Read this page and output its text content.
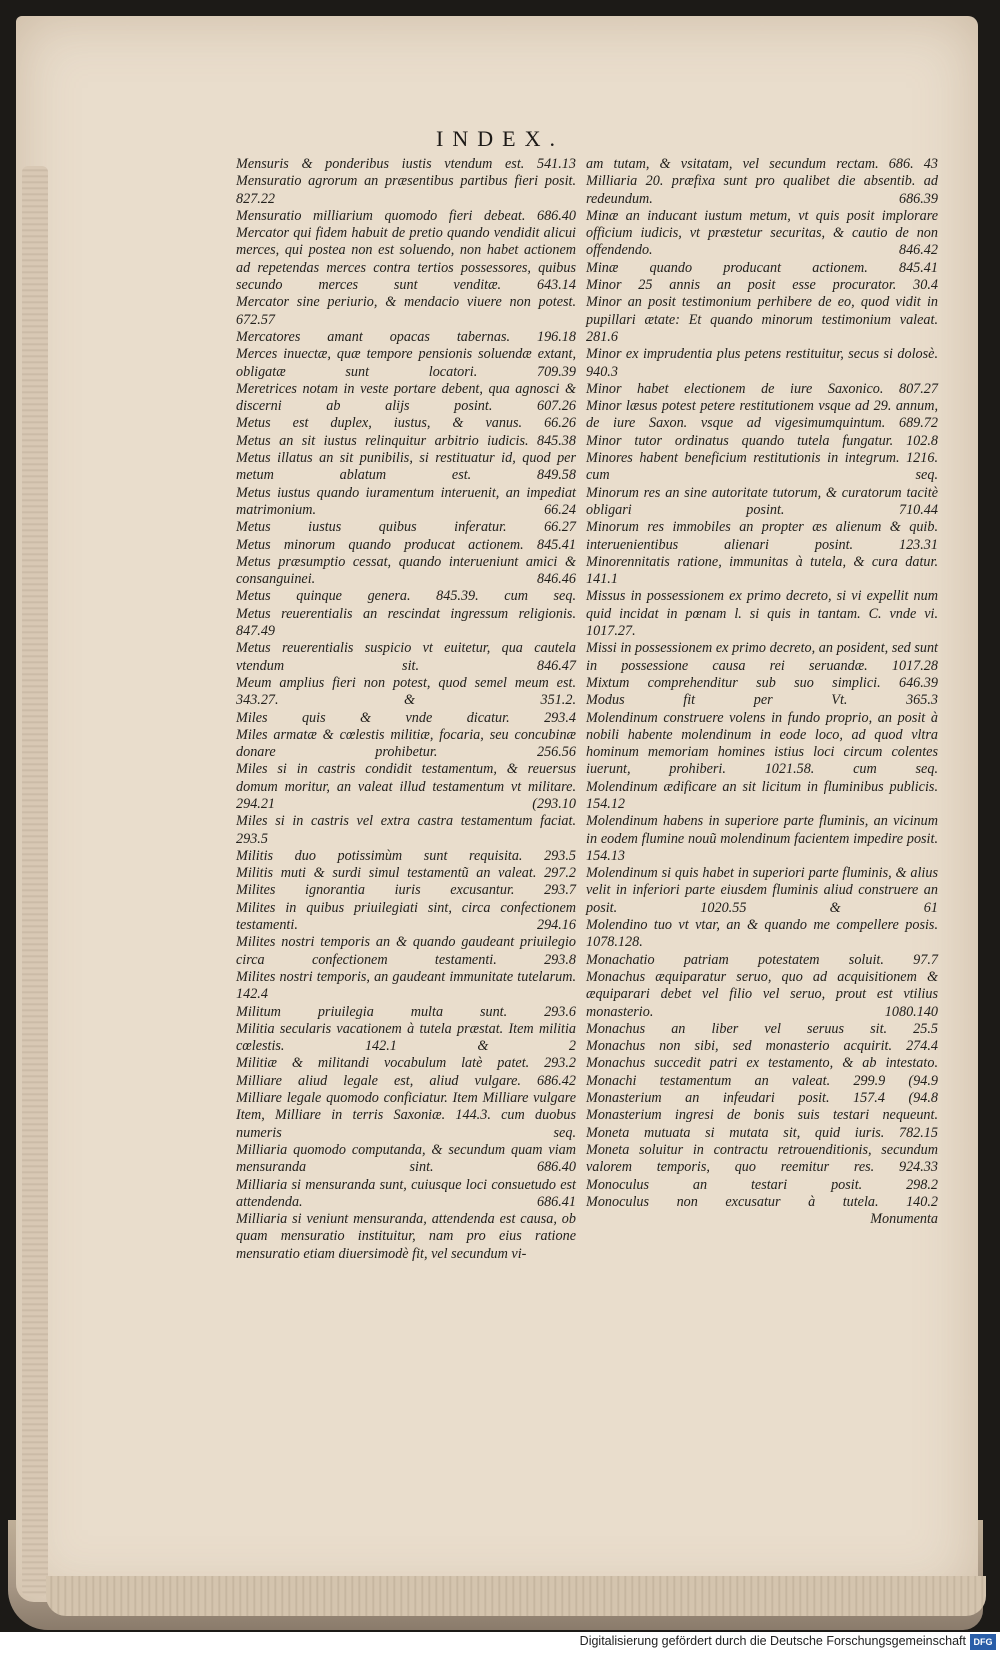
INDEX.

Mensuris & ponderibus iustis vtendum est. 541.13

Mensuratio agrorum an præsentibus partibus fieri posit. 827.22

Mensuratio milliarium quomodo fieri debeat. 686.40

Mercator qui fidem habuit de pretio quando vendidit alicui merces, qui postea non est soluendo, non habet actionem ad repetendas merces contra tertios possessores, quibus secundo merces sunt venditæ. 643.14

Mercator sine periurio, & mendacio viuere non potest. 672.57

Mercatores amant opacas tabernas. 196.18

Merces inuectæ, quæ tempore pensionis soluendæ extant, obligatæ sunt locatori. 709.39

Meretrices notam in veste portare debent, qua agnosci & discerni ab alijs posint. 607.26

Metus est duplex, iustus, & vanus. 66.26

Metus an sit iustus relinquitur arbitrio iudicis. 845.38

Metus illatus an sit punibilis, si restituatur id, quod per metum ablatum est. 849.58

Metus iustus quando iuramentum interuenit, an impediat matrimonium. 66.24

Metus iustus quibus inferatur. 66.27

Metus minorum quando producat actionem. 845.41

Metus præsumptio cessat, quando interueniunt amici & consanguinei. 846.46

Metus quinque genera. 845.39. cum seq.

Metus reuerentialis an rescindat ingressum religionis. 847.49

Metus reuerentialis suspicio vt euitetur, qua cautela vtendum sit. 846.47

Meum amplius fieri non potest, quod semel meum est. 343.27. & 351.2.

Miles quis & vnde dicatur. 293.4

Miles armatæ & cœlestis militiæ, focaria, seu concubinæ donare prohibetur. 256.56

Miles si in castris condidit testamentum, & reuersus domum moritur, an valeat illud testamentum vt militare. 294.21 (293.10

Miles si in castris vel extra castra testamentum faciat. 293.5

Militis duo potissimùm sunt requisita. 293.5

Militis muti & surdi simul testamentũ an valeat. 297.2

Milites ignorantia iuris excusantur. 293.7

Milites in quibus priuilegiati sint, circa confectionem testamenti. 294.16

Milites nostri temporis an & quando gaudeant priuilegio circa confectionem testamenti. 293.8

Milites nostri temporis, an gaudeant immunitate tutelarum. 142.4

Militum priuilegia multa sunt. 293.6

Militia secularis vacationem à tutela præstat. Item militia cœlestis. 142.1 & 2

Militiæ & militandi vocabulum latè patet. 293.2

Milliare aliud legale est, aliud vulgare. 686.42

Milliare legale quomodo conficiatur. Item Milliare vulgare Item, Milliare in terris Saxoniæ. 144.3. cum duobus numeris seq.

Milliaria quomodo computanda, & secundum quam viam mensuranda sint. 686.40

Milliaria si mensuranda sunt, cuiusque loci consuetudo est attendenda. 686.41

Milliaria si veniunt mensuranda, attendenda est causa, ob quam mensuratio instituitur, nam pro eius ratione mensuratio etiam diuersimodè fit, vel secundum vi-

am tutam, & vsitatam, vel secundum rectam. 686. 43

Milliaria 20. præfixa sunt pro qualibet die absentib. ad redeundum. 686.39

Minæ an inducant iustum metum, vt quis posit implorare officium iudicis, vt præstetur securitas, & cautio de non offendendo. 846.42

Minæ quando producant actionem. 845.41

Minor 25 annis an posit esse procurator. 30.4

Minor an posit testimonium perhibere de eo, quod vidit in pupillari ætate: Et quando minorum testimonium valeat. 281.6

Minor ex imprudentia plus petens restituitur, secus si dolosè. 940.3

Minor habet electionem de iure Saxonico. 807.27

Minor læsus potest petere restitutionem vsque ad 29. annum, de iure Saxon. vsque ad vigesimumquintum. 689.72

Minor tutor ordinatus quando tutela fungatur. 102.8

Minores habent beneficium restitutionis in integrum. 1216. cum seq.

Minorum res an sine autoritate tutorum, & curatorum tacitè obligari posint. 710.44

Minorum res immobiles an propter æs alienum & quib. interuenientibus alienari posint. 123.31

Minorennitatis ratione, immunitas à tutela, & cura datur. 141.1

Missus in possessionem ex primo decreto, si vi expellit num quid incidat in pœnam l. si quis in tantam. C. vnde vi. 1017.27.

Missi in possessionem ex primo decreto, an posident, sed sunt in possessione causa rei seruandæ. 1017.28

Mixtum comprehenditur sub suo simplici. 646.39

Modus fit per Vt. 365.3

Molendinum construere volens in fundo proprio, an posit à nobili habente molendinum in eode loco, ad quod vltra hominum memoriam homines istius loci circum colentes iuerunt, prohiberi. 1021.58. cum seq.

Molendinum ædificare an sit licitum in fluminibus publicis. 154.12

Molendinum habens in superiore parte fluminis, an vicinum in eodem flumine nouũ molendinum facientem impedire posit. 154.13

Molendinum si quis habet in superiori parte fluminis, & alius velit in inferiori parte eiusdem fluminis aliud construere an posit. 1020.55 & 61

Molendino tuo vt vtar, an & quando me compellere posis. 1078.128.

Monachatio patriam potestatem soluit. 97.7

Monachus æquiparatur seruo, quo ad acquisitionem & æquiparari debet vel filio vel seruo, prout est vtilius monasterio. 1080.140

Monachus an liber vel seruus sit. 25.5

Monachus non sibi, sed monasterio acquirit. 274.4

Monachus succedit patri ex testamento, & ab intestato.

Monachi testamentum an valeat. 299.9 (94.9

Monasterium an infeudari posit. 157.4 (94.8

Monasterium ingresi de bonis suis testari nequeunt.

Moneta mutuata si mutata sit, quid iuris. 782.15

Moneta soluitur in contractu retrouenditionis, secundum valorem temporis, quo reemitur res. 924.33

Monoculus an testari posit. 298.2

Monoculus non excusatur à tutela. 140.2

Monumenta

Digitalisierung gefördert durch die Deutsche Forschungsgemeinschaft DFG
